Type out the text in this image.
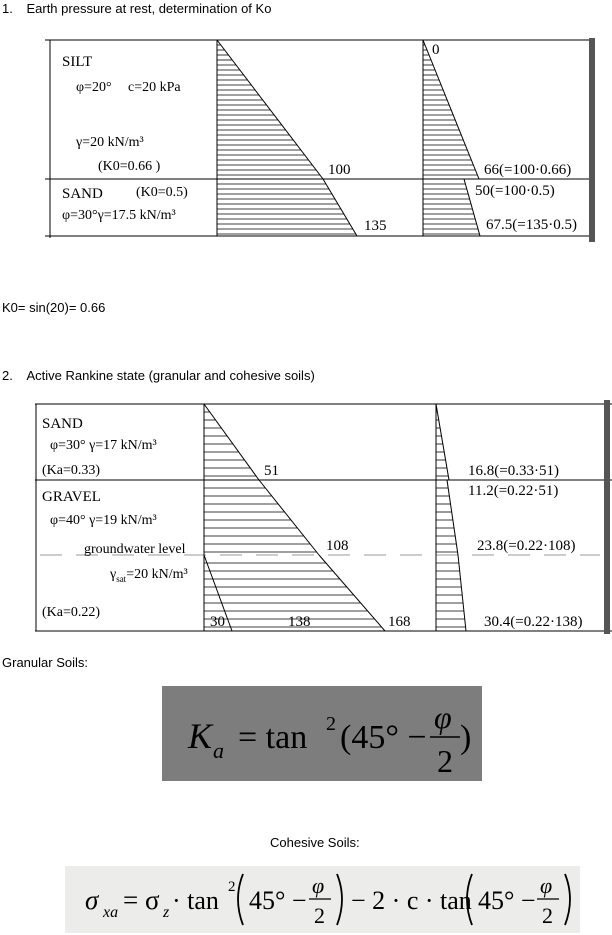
1. Earth pressure at rest, determination of Ko
SILT
φ=20° c=20 kPa
γ=20 kN/m³
(K0=0.66 )
SAND (K0=0.5)
φ=30°γ=17.5 kN/m³
100
135
0
66(=100·0.66)
50(=100·0.5)
67.5(=135·0.5)
K0= sin(20)= 0.66
2. Active Rankine state (granular and cohesive soils)
SAND
φ=30° γ=17 kN/m³
(Ka=0.33)
GRAVEL
φ=40° γ=19 kN/m³
groundwater level
$\gamma_{sat}=20$ kN/m³
(Ka=0.22)
51
108
30	138	168
16.8(=0.33·51)
11.2(=0.22·51)
23.8(=0.22·108)
30.4(=0.22·138)
Granular Soils:
K a = tan 2 (45° −
φ
2
)
Cohesive Soils:
σ xa = σ z · tan 2 45° −
φ
2
− 2 · c · tan 45° −
φ
2
